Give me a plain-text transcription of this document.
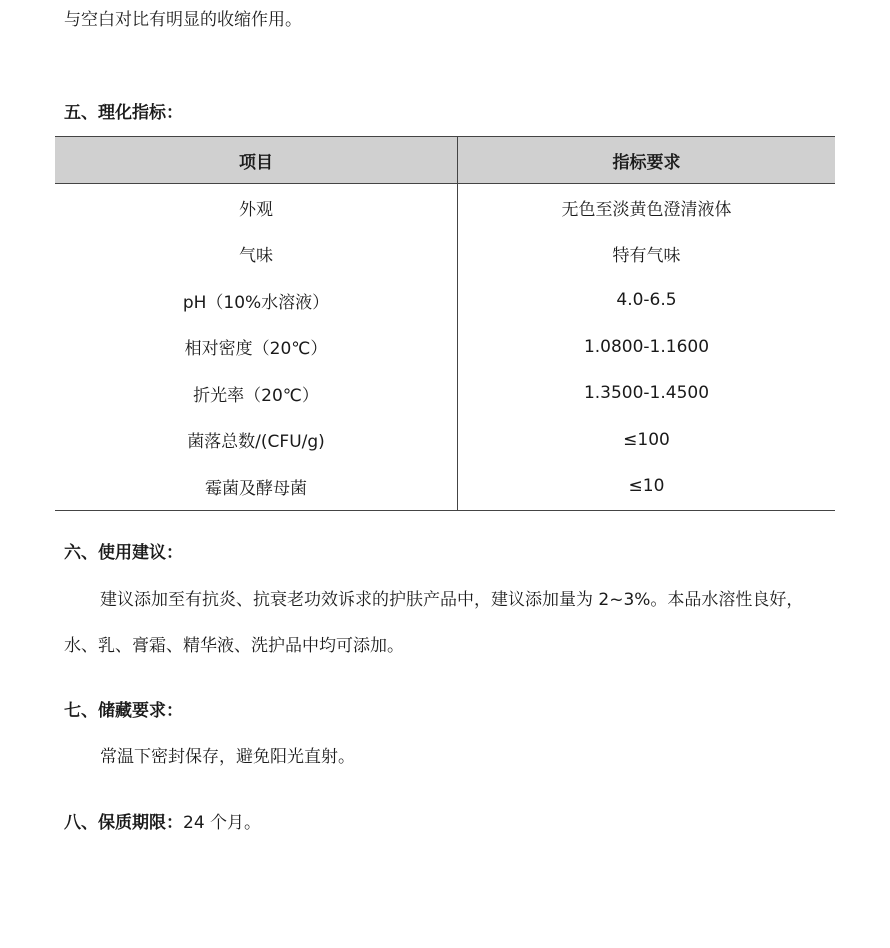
与空白对比有明显的收缩作用。
五、理化指标：
项目	指标要求
外观	无色至淡黄色澄清液体
气味	特有气味
pH（10%水溶液）	4.0-6.5
相对密度（20℃）	1.0800-1.1600
折光率（20℃）	1.3500-1.4500
菌落总数/(CFU/g)	≤100
霉菌及酵母菌	≤10
六、使用建议：
建议添加至有抗炎、抗衰老功效诉求的护肤产品中，建议添加量为 2~3%。本品水溶性良好，
水、乳、膏霜、精华液、洗护品中均可添加。
七、储藏要求：
常温下密封保存，避免阳光直射。
八、保质期限：24 个月。
